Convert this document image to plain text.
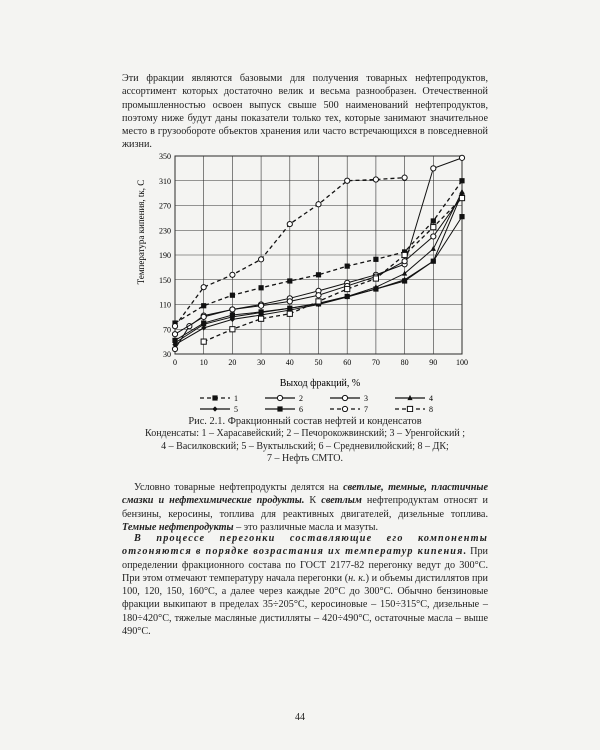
Эти фракции являются базовыми для получения товарных нефтепродуктов, ассортимент которых достаточно велик и весьма разнообразен. Отечественной промышленностью освоен выпуск свыше 500 наименований нефтепродуктов, поэтому ниже будут даны показатели только тех, которые занимают значительное место в грузообороте объектов хранения или часто встречающихся в повседневной жизни.

0	10	20	30	40	50	60	70	80	90 100
30
70
110
150
190
230
270
310
350
Температура кипения, tк, С
Выход фракций, %
1	2	3	4
5	6	7	8
Рис. 2.1. Фракционный состав нефтей и конденсатов
Конденсаты: 1 – Харасавейский; 2 – Печорокожвинский; 3 – Уренгойский ;
4 – Василковский; 5 – Вуктыльский; 6 – Средневилюйский; 8 – ДК;
7 – Нефть СМТО.

Условно товарные нефтепродукты делятся на светлые, темные, пластичные смазки и нефтехимические продукты. К светлым нефтепродуктам относят и бензины, керосины, топлива для реактивных двигателей, дизельные топлива. Темные нефтепродукты – это различные масла и мазуты.

В процессе перегонки составляющие его компоненты отгоняются в порядке возрастания их температур кипения. При определении фракционного состава по ГОСТ 2177-82 перегонку ведут до 300°С. При этом отмечают температуру начала перегонки (н. к.) и объемы дистиллятов при 100, 120, 150, 160°С, а далее через каждые 20°С до 300°С. Обычно бензиновые фракции выкипают в пределах 35÷205°С, керосиновые – 150÷315°С, дизельные – 180÷420°С, тяжелые масляные дистилляты – 420÷490°С, остаточные масла – выше 490°С.

44
